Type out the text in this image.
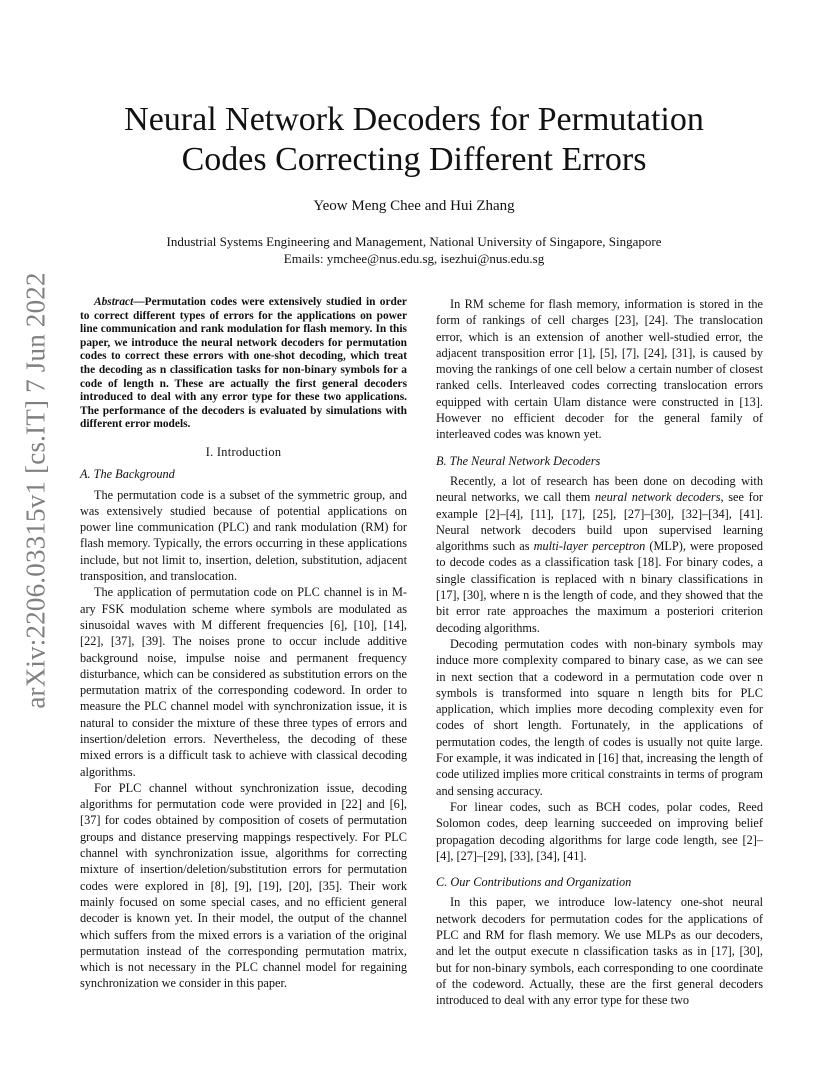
arXiv:2206.03315v1 [cs.IT] 7 Jun 2022
Neural Network Decoders for Permutation
Codes Correcting Different Errors
Yeow Meng Chee and Hui Zhang
Industrial Systems Engineering and Management, National University of Singapore, Singapore
Emails: ymchee@nus.edu.sg, isezhui@nus.edu.sg

Abstract—Permutation codes were extensively studied in order to correct different types of errors for the applications on power line communication and rank modulation for flash memory. In this paper, we introduce the neural network decoders for permutation codes to correct these errors with one-shot decoding, which treat the decoding as n classification tasks for non-binary symbols for a code of length n. These are actually the first general decoders introduced to deal with any error type for these two applications. The performance of the decoders is evaluated by simulations with different error models.

I. Introduction
A. The Background

The permutation code is a subset of the symmetric group, and was extensively studied because of potential applications on power line communication (PLC) and rank modulation (RM) for flash memory. Typically, the errors occurring in these applications include, but not limit to, insertion, deletion, substitution, adjacent transposition, and translocation.

The application of permutation code on PLC channel is in M-ary FSK modulation scheme where symbols are modulated as sinusoidal waves with M different frequencies [6], [10], [14], [22], [37], [39]. The noises prone to occur include additive background noise, impulse noise and permanent frequency disturbance, which can be considered as substitution errors on the permutation matrix of the corresponding codeword. In order to measure the PLC channel model with synchronization issue, it is natural to consider the mixture of these three types of errors and insertion/deletion errors. Nevertheless, the decoding of these mixed errors is a difficult task to achieve with classical decoding algorithms.

For PLC channel without synchronization issue, decoding algorithms for permutation code were provided in [22] and [6], [37] for codes obtained by composition of cosets of permutation groups and distance preserving mappings respectively. For PLC channel with synchronization issue, algorithms for correcting mixture of insertion/deletion/substitution errors for permutation codes were explored in [8], [9], [19], [20], [35]. Their work mainly focused on some special cases, and no efficient general decoder is known yet. In their model, the output of the channel which suffers from the mixed errors is a variation of the original permutation instead of the corresponding permutation matrix, which is not necessary in the PLC channel model for regaining synchronization we consider in this paper.

In RM scheme for flash memory, information is stored in the form of rankings of cell charges [23], [24]. The translocation error, which is an extension of another well-studied error, the adjacent transposition error [1], [5], [7], [24], [31], is caused by moving the rankings of one cell below a certain number of closest ranked cells. Interleaved codes correcting translocation errors equipped with certain Ulam distance were constructed in [13]. However no efficient decoder for the general family of interleaved codes was known yet.

B. The Neural Network Decoders

Recently, a lot of research has been done on decoding with neural networks, we call them neural network decoders, see for example [2]–[4], [11], [17], [25], [27]–[30], [32]–[34], [41]. Neural network decoders build upon supervised learning algorithms such as multi-layer perceptron (MLP), were proposed to decode codes as a classification task [18]. For binary codes, a single classification is replaced with n binary classifications in [17], [30], where n is the length of code, and they showed that the bit error rate approaches the maximum a posteriori criterion decoding algorithms.

Decoding permutation codes with non-binary symbols may induce more complexity compared to binary case, as we can see in next section that a codeword in a permutation code over n symbols is transformed into square n length bits for PLC application, which implies more decoding complexity even for codes of short length. Fortunately, in the applications of permutation codes, the length of codes is usually not quite large. For example, it was indicated in [16] that, increasing the length of code utilized implies more critical constraints in terms of program and sensing accuracy.

For linear codes, such as BCH codes, polar codes, Reed Solomon codes, deep learning succeeded on improving belief propagation decoding algorithms for large code length, see [2]–[4], [27]–[29], [33], [34], [41].

C. Our Contributions and Organization

In this paper, we introduce low-latency one-shot neural network decoders for permutation codes for the applications of PLC and RM for flash memory. We use MLPs as our decoders, and let the output execute n classification tasks as in [17], [30], but for non-binary symbols, each corresponding to one coordinate of the codeword. Actually, these are the first general decoders introduced to deal with any error type for these two
